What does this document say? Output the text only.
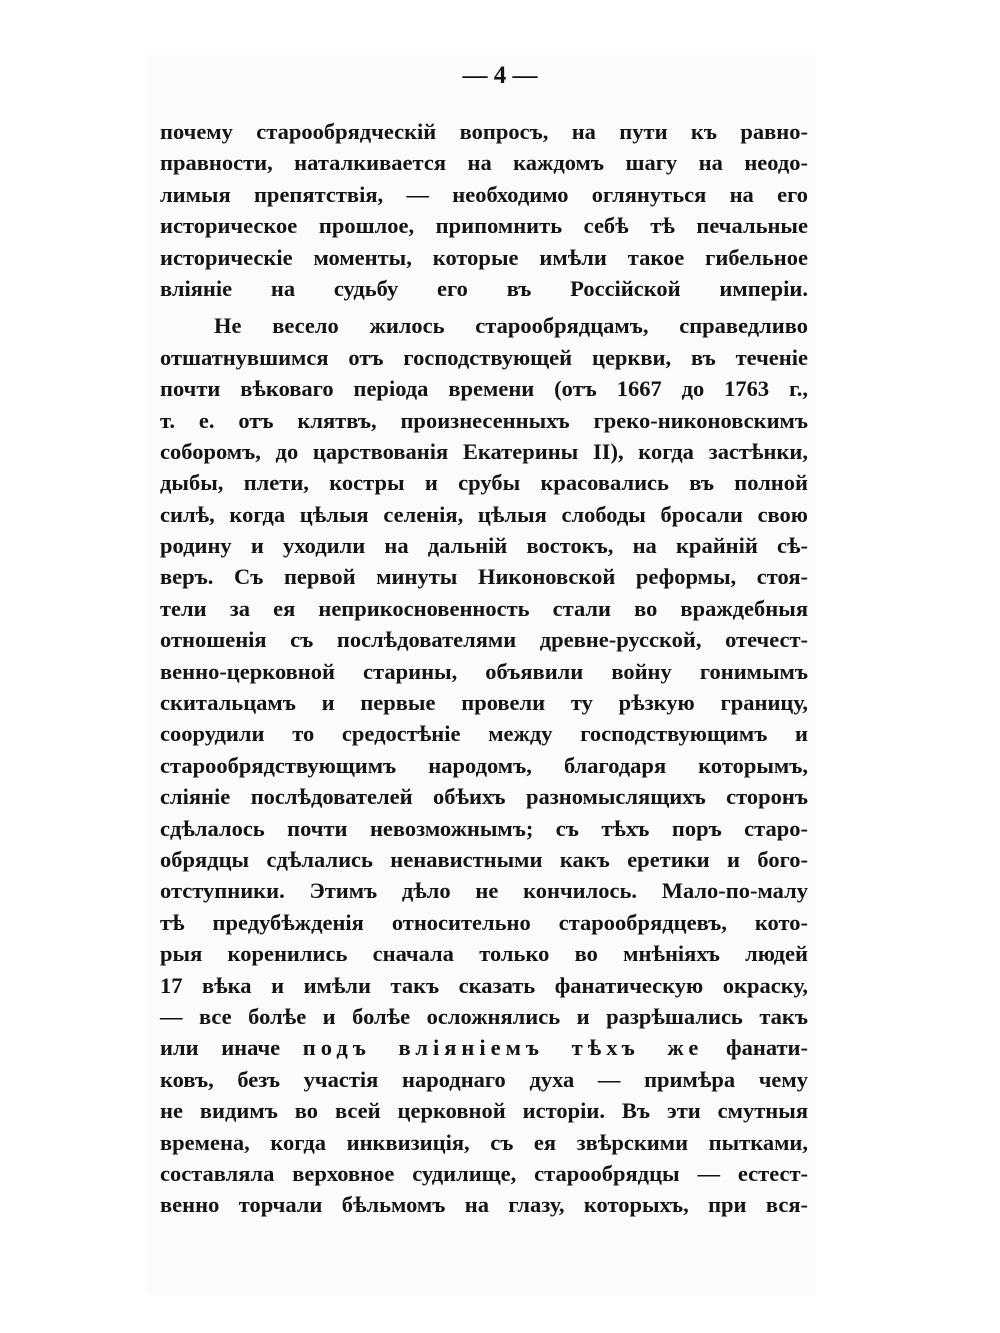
— 4 —
почему старообрядческій вопросъ, на пути къ равно-
правности, наталкивается на каждомъ шагу на неодо-
лимыя препятствія, — необходимо оглянуться на его
историческое прошлое, припомнить себѣ тѣ печальные
историческіе моменты, которые имѣли такое гибельное
вліяніе на судьбу его въ Россійской имперіи.
Не весело жилось старообрядцамъ, справедливо
отшатнувшимся отъ господствующей церкви, въ теченіе
почти вѣковаго періода времени (отъ 1667 до 1763 г.,
т. е. отъ клятвъ, произнесенныхъ греко-никоновскимъ
соборомъ, до царствованія Екатерины II), когда застѣнки,
дыбы, плети, костры и срубы красовались въ полной
силѣ, когда цѣлыя селенія, цѣлыя слободы бросали свою
родину и уходили на дальній востокъ, на крайній сѣ-
веръ. Съ первой минуты Никоновской реформы, стоя-
тели за ея неприкосновенность стали во враждебныя
отношенія съ послѣдователями древне-русской, отечест-
венно-церковной старины, объявили войну гонимымъ
скитальцамъ и первые провели ту рѣзкую границу,
соорудили то средостѣніе между господствующимъ и
старообрядствующимъ народомъ, благодаря которымъ,
сліяніе послѣдователей обѣихъ разномыслящихъ сторонъ
сдѣлалось почти невозможнымъ; съ тѣхъ поръ старо-
обрядцы сдѣлались ненавистными какъ еретики и бого-
отступники. Этимъ дѣло не кончилось. Мало-по-малу
тѣ предубѣжденія относительно старообрядцевъ, кото-
рыя коренились сначала только во мнѣніяхъ людей
17 вѣка и имѣли такъ сказать фанатическую окраску,
— все болѣе и болѣе осложнялись и разрѣшались такъ
или иначе подъ вліяніемъ тѣхъ же фанати-
ковъ, безъ участія народнаго духа — примѣра чему
не видимъ во всей церковной исторіи. Въ эти смутныя
времена, когда инквизиція, съ ея звѣрскими пытками,
составляла верховное судилище, старообрядцы — естест-
венно торчали бѣльмомъ на глазу, которыхъ, при вся-
